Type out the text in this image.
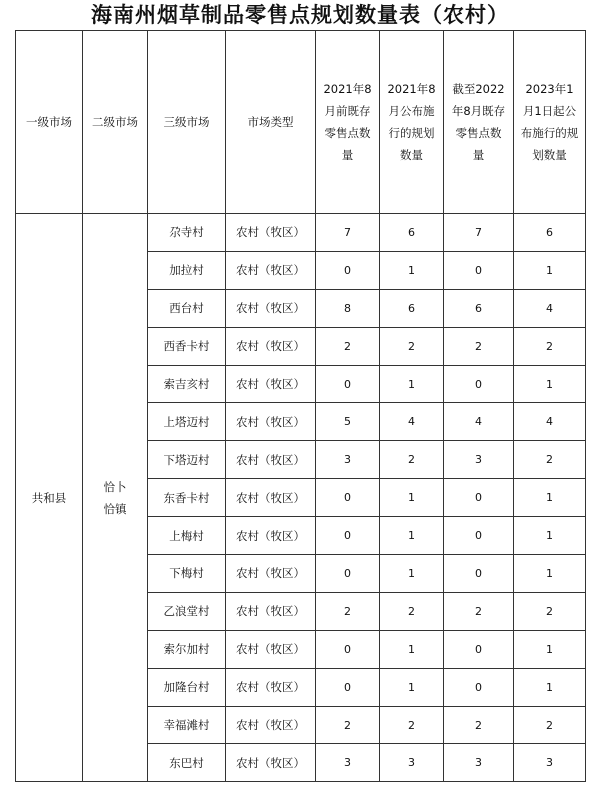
海南州烟草制品零售点规划数量表（农村）
一级市场	二级市场	三级市场	市场类型	2021年8月前既存零售点数量	2021年8月公布施行的规划数量	截至2022年8月既存零售点数量	2023年1月1日起公布施行的规划数量
共和县	恰卜恰镇	尕寺村	农村（牧区）	7	6	7	6
		加拉村	农村（牧区）	0	1	0	1
		西台村	农村（牧区）	8	6	6	4
		西香卡村	农村（牧区）	2	2	2	2
		索吉亥村	农村（牧区）	0	1	0	1
		上塔迈村	农村（牧区）	5	4	4	4
		下塔迈村	农村（牧区）	3	2	3	2
		东香卡村	农村（牧区）	0	1	0	1
		上梅村	农村（牧区）	0	1	0	1
		下梅村	农村（牧区）	0	1	0	1
		乙浪堂村	农村（牧区）	2	2	2	2
		索尔加村	农村（牧区）	0	1	0	1
		加隆台村	农村（牧区）	0	1	0	1
		幸福滩村	农村（牧区）	2	2	2	2
		东巴村	农村（牧区）	3	3	3	3
